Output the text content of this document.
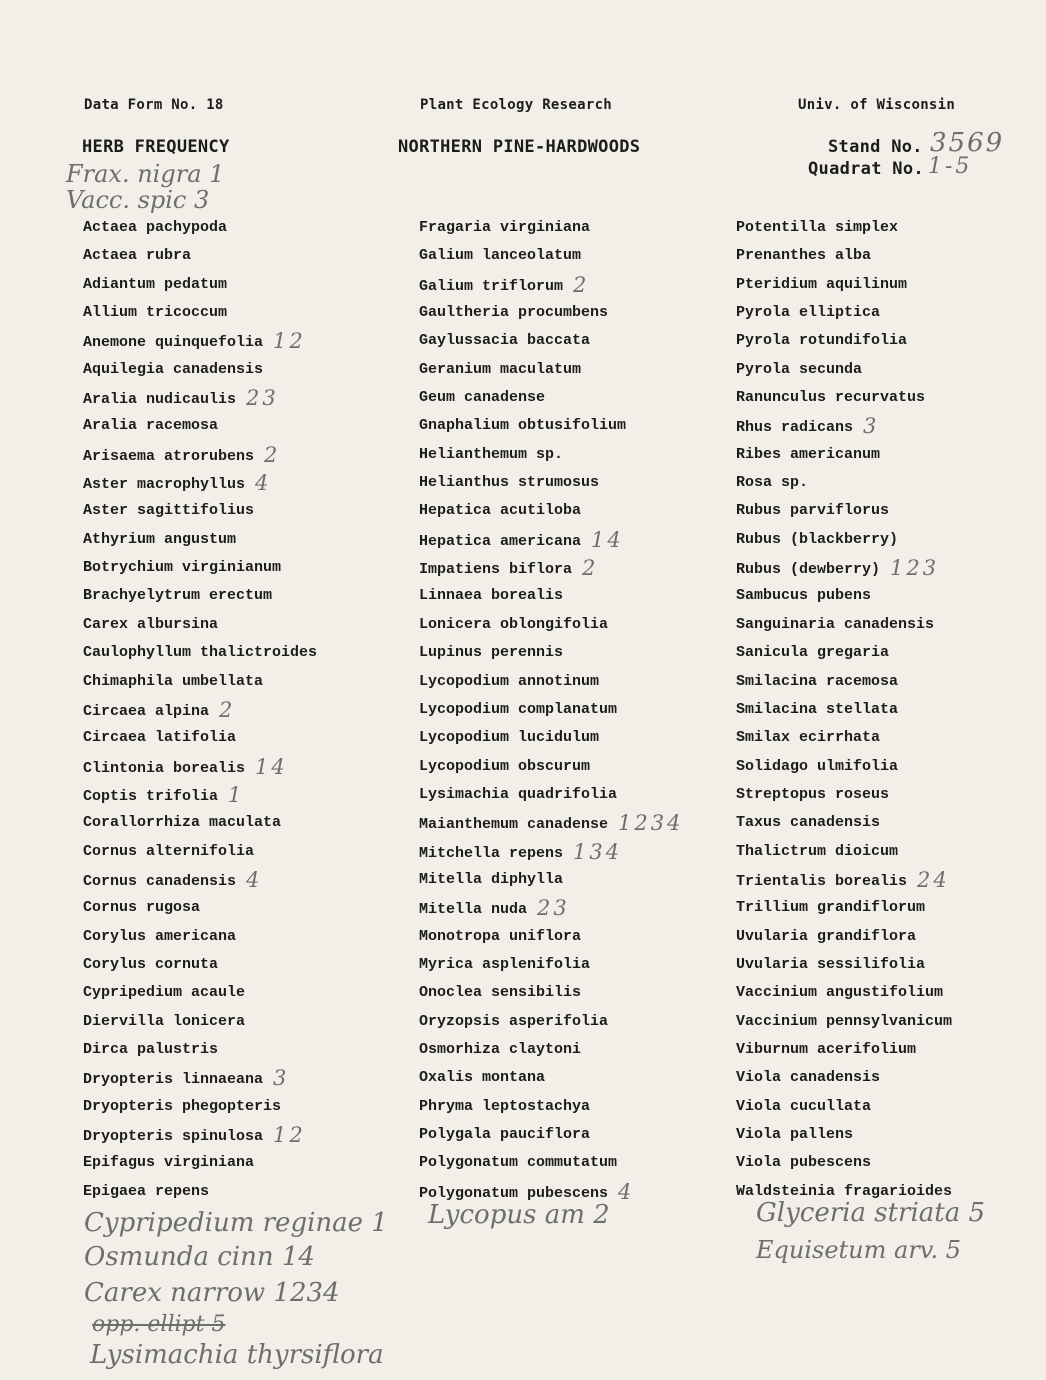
Data Form No. 18	Plant Ecology Research	Univ. of Wisconsin
HERB FREQUENCY	NORTHERN PINE-HARDWOODS	Stand No. 3569
Quadrat No. 1-5
Frax. nigra 1
Vacc. spic 3
Actaea pachypoda
Actaea rubra
Adiantum pedatum
Allium tricoccum
Anemone quinquefolia 12
Aquilegia canadensis
Aralia nudicaulis 23
Aralia racemosa
Arisaema atrorubens 2
Aster macrophyllus 4
Aster sagittifolius
Athyrium angustum
Botrychium virginianum
Brachyelytrum erectum
Carex albursina
Caulophyllum thalictroides
Chimaphila umbellata
Circaea alpina 2
Circaea latifolia
Clintonia borealis 14
Coptis trifolia 1
Corallorrhiza maculata
Cornus alternifolia
Cornus canadensis 4
Cornus rugosa
Corylus americana
Corylus cornuta
Cypripedium acaule
Diervilla lonicera
Dirca palustris
Dryopteris linnaeana 3
Dryopteris phegopteris
Dryopteris spinulosa 12
Epifagus virginiana
Epigaea repens
Fragaria virginiana
Galium lanceolatum
Galium triflorum 2
Gaultheria procumbens
Gaylussacia baccata
Geranium maculatum
Geum canadense
Gnaphalium obtusifolium
Helianthemum sp.
Helianthus strumosus
Hepatica acutiloba
Hepatica americana 14
Impatiens biflora 2
Linnaea borealis
Lonicera oblongifolia
Lupinus perennis
Lycopodium annotinum
Lycopodium complanatum
Lycopodium lucidulum
Lycopodium obscurum
Lysimachia quadrifolia
Maianthemum canadense 1234
Mitchella repens 134
Mitella diphylla
Mitella nuda 23
Monotropa uniflora
Myrica asplenifolia
Onoclea sensibilis
Oryzopsis asperifolia
Osmorhiza claytoni
Oxalis montana
Phryma leptostachya
Polygala pauciflora
Polygonatum commutatum
Polygonatum pubescens 4
Potentilla simplex
Prenanthes alba
Pteridium aquilinum
Pyrola elliptica
Pyrola rotundifolia
Pyrola secunda
Ranunculus recurvatus
Rhus radicans 3
Ribes americanum
Rosa sp.
Rubus parviflorus
Rubus (blackberry)
Rubus (dewberry) 123
Sambucus pubens
Sanguinaria canadensis
Sanicula gregaria
Smilacina racemosa
Smilacina stellata
Smilax ecirrhata
Solidago ulmifolia
Streptopus roseus
Taxus canadensis
Thalictrum dioicum
Trientalis borealis 24
Trillium grandiflorum
Uvularia grandiflora
Uvularia sessilifolia
Vaccinium angustifolium
Vaccinium pennsylvanicum
Viburnum acerifolium
Viola canadensis
Viola cucullata
Viola pallens
Viola pubescens
Waldsteinia fragarioides
Cypripedium reginae 1
Osmunda cinn 14
Carex narrow 1234
opp. ellipt 5
Lysimachia thyrsiflora
Lycopus am 2	Glyceria striata 5
Equisetum arv. 5
